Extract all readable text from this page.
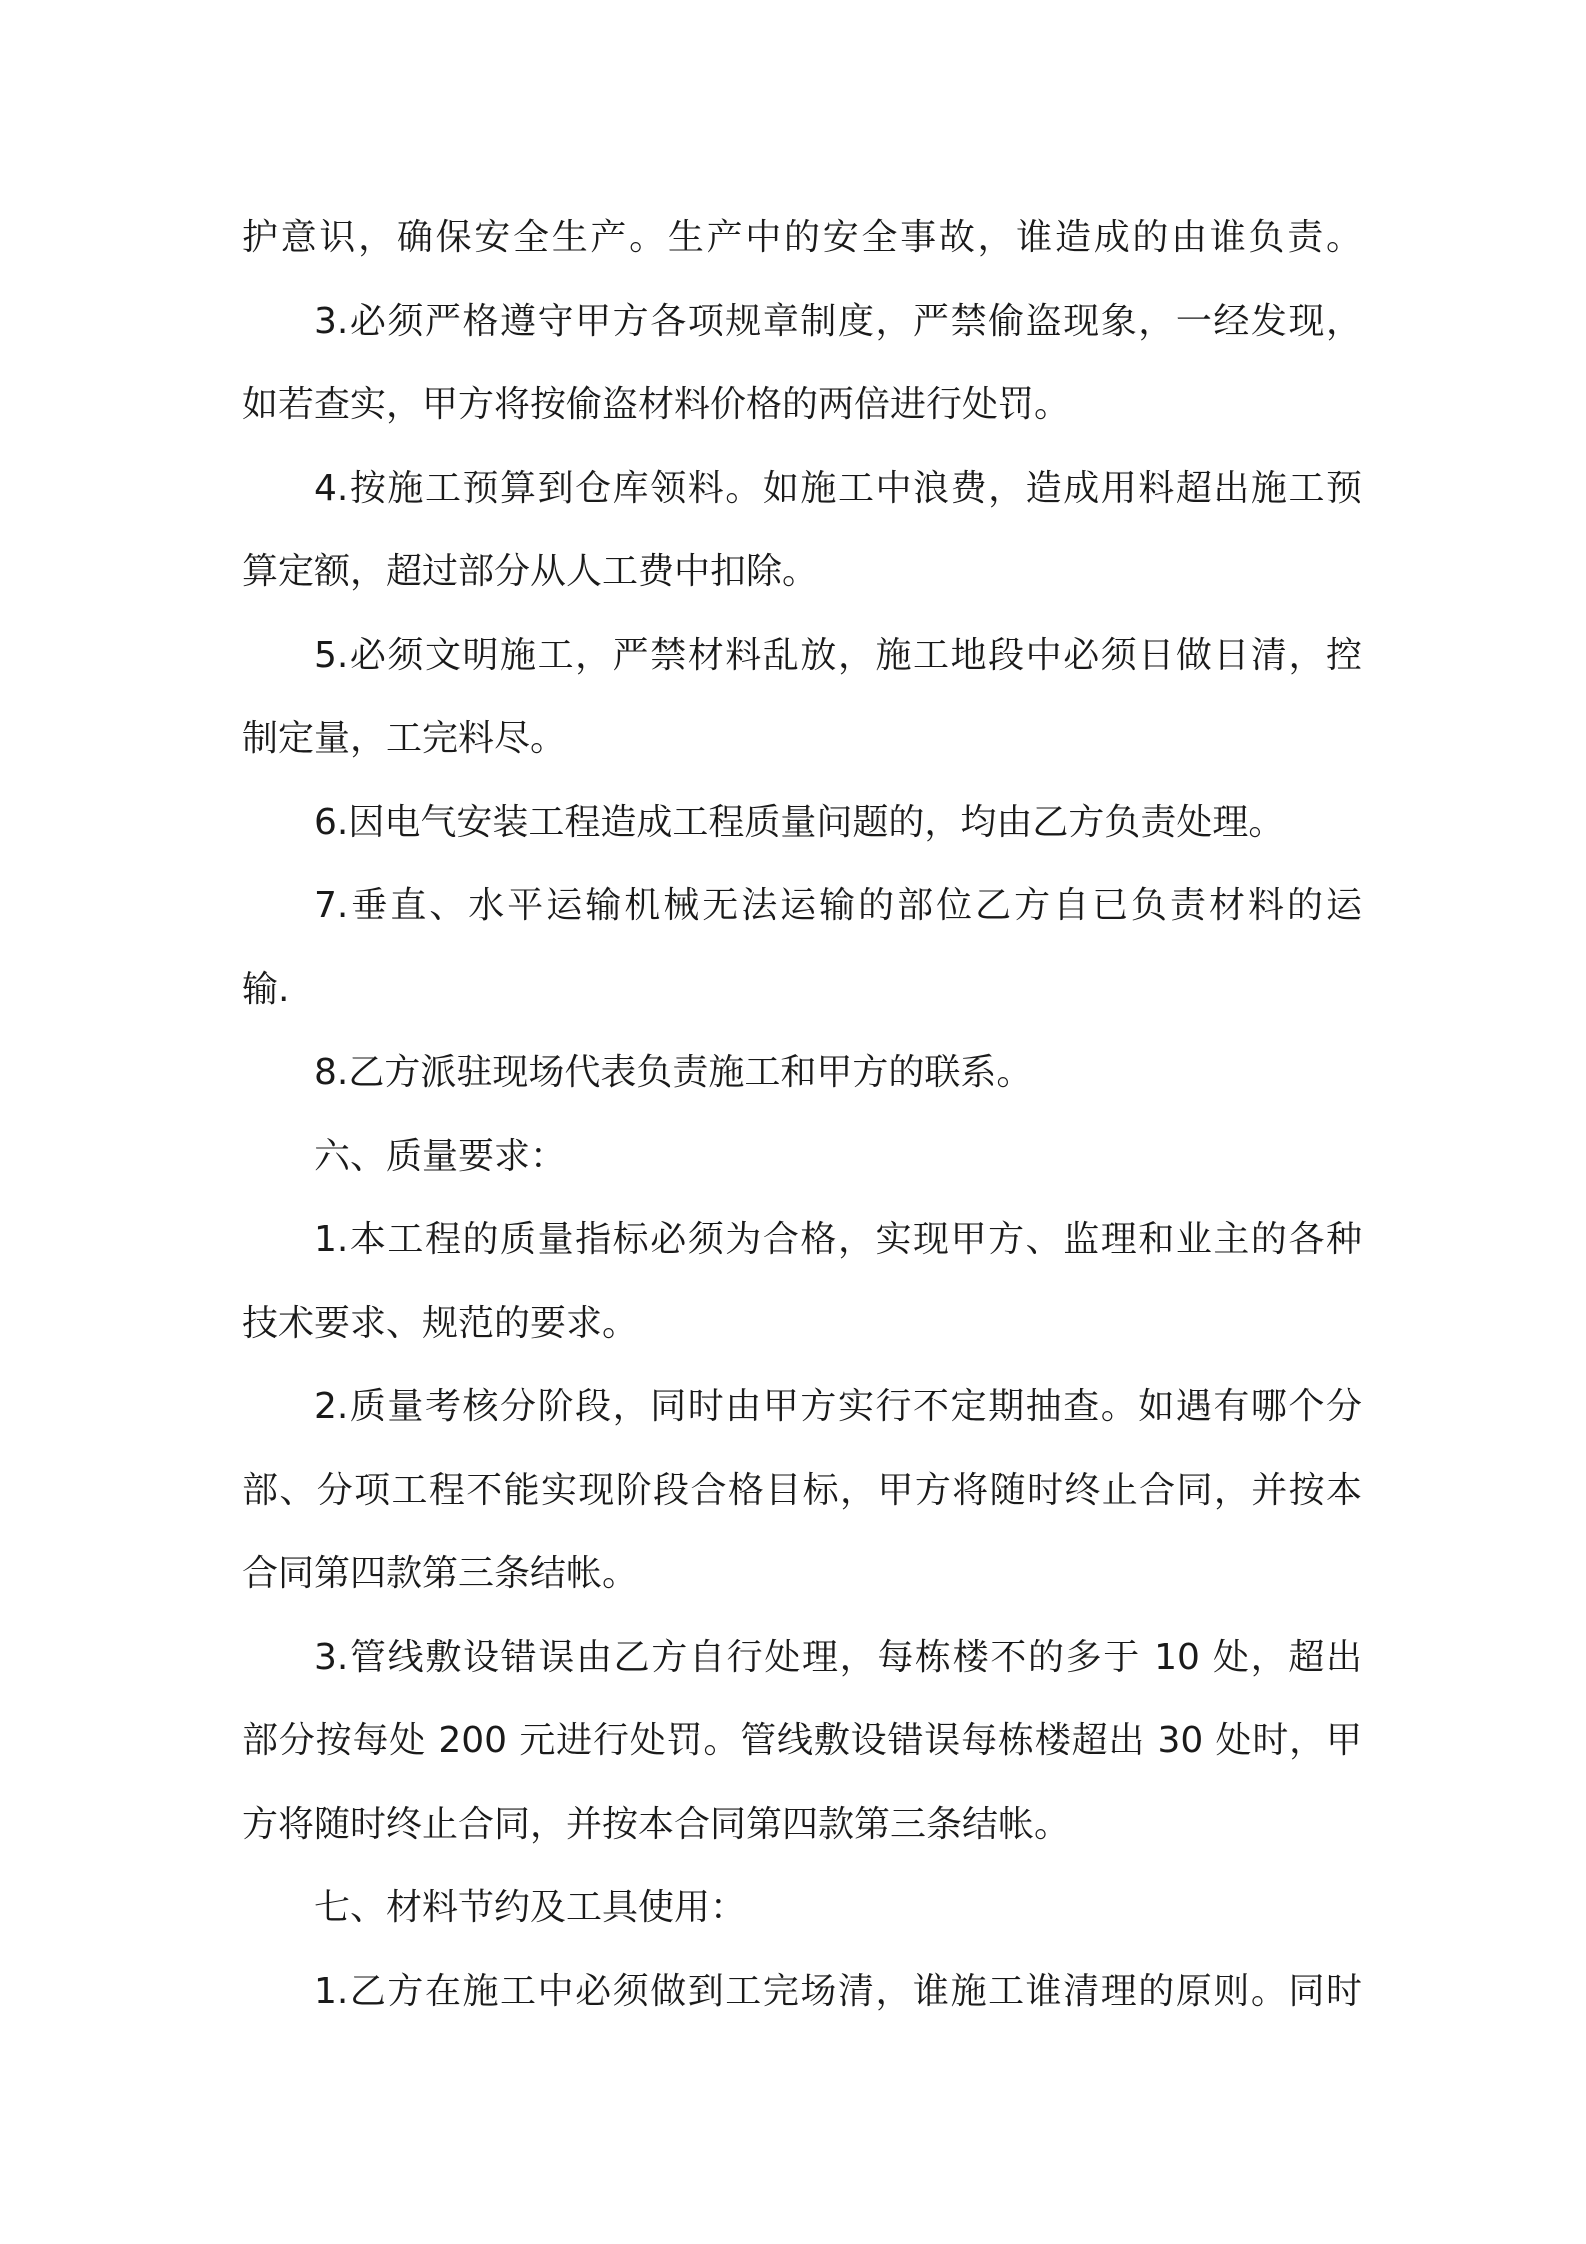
护意识，确保安全生产。生产中的安全事故，谁造成的由谁负责。
3.必须严格遵守甲方各项规章制度，严禁偷盗现象，一经发现，
如若查实，甲方将按偷盗材料价格的两倍进行处罚。
4.按施工预算到仓库领料。如施工中浪费，造成用料超出施工预
算定额，超过部分从人工费中扣除。
5.必须文明施工，严禁材料乱放，施工地段中必须日做日清，控
制定量，工完料尽。
6.因电气安装工程造成工程质量问题的，均由乙方负责处理。
7.垂直、水平运输机械无法运输的部位乙方自已负责材料的运
输.
8.乙方派驻现场代表负责施工和甲方的联系。
六、质量要求：
1.本工程的质量指标必须为合格，实现甲方、监理和业主的各种
技术要求、规范的要求。
2.质量考核分阶段，同时由甲方实行不定期抽查。如遇有哪个分
部、分项工程不能实现阶段合格目标，甲方将随时终止合同，并按本
合同第四款第三条结帐。
3.管线敷设错误由乙方自行处理，每栋楼不的多于 10 处，超出
部分按每处 200 元进行处罚。管线敷设错误每栋楼超出 30 处时，甲
方将随时终止合同，并按本合同第四款第三条结帐。
七、材料节约及工具使用：
1.乙方在施工中必须做到工完场清，谁施工谁清理的原则。同时
